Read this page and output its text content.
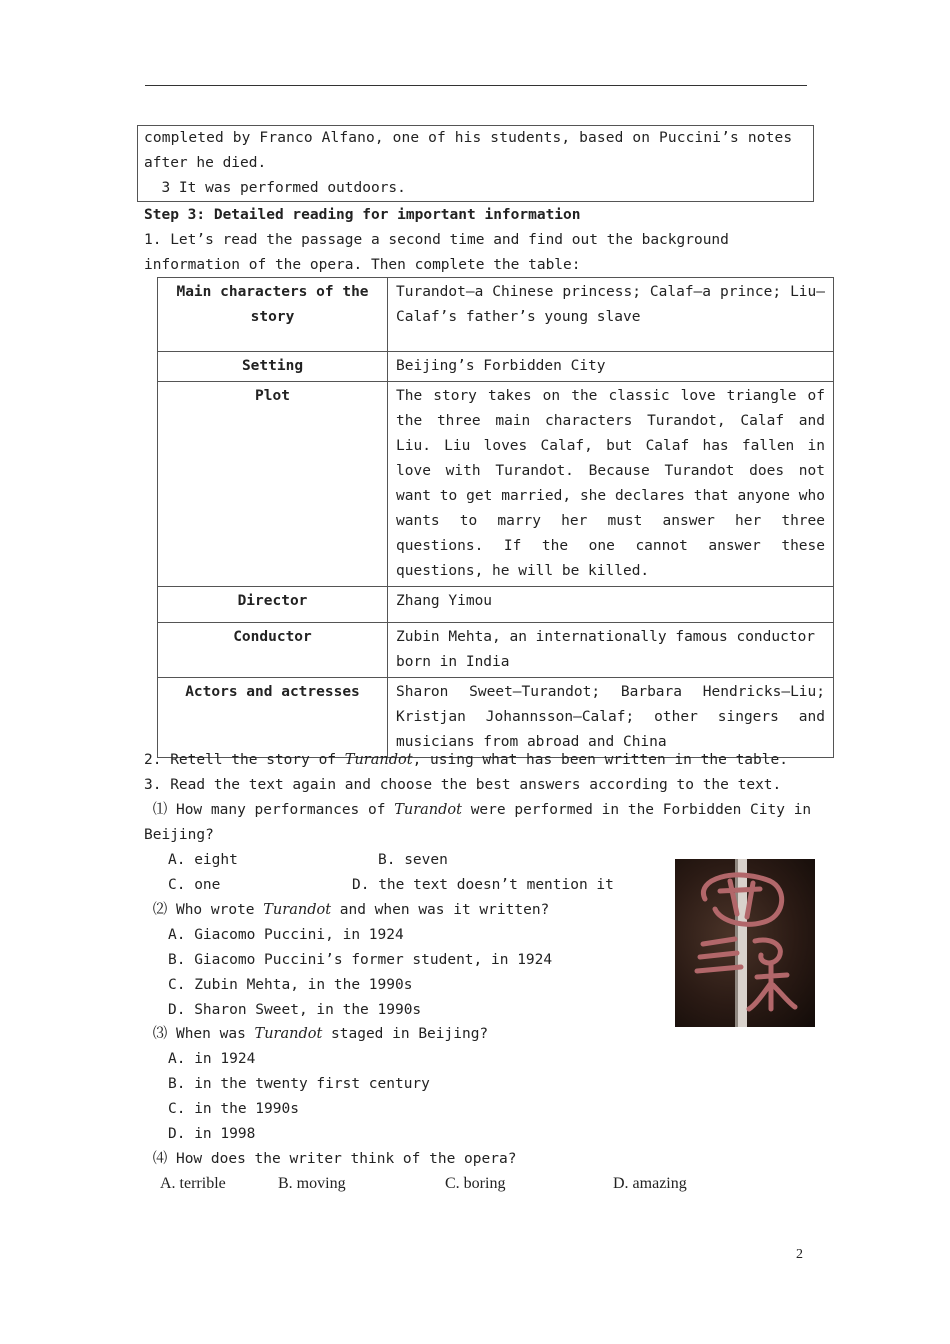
completed by Franco Alfano, one of his students, based on Puccini’s notes
after he died.
3 It was performed outdoors.
Step 3: Detailed reading for important information
1. Let’s read the passage a second time and find out the background
information of the opera. Then complete the table:
Main characters of the story	Turandot—a Chinese princess; Calaf—a prince; Liu—Calaf’s father’s young slave
Setting	Beijing’s Forbidden City
Plot	The story takes on the classic love triangle of the three main characters Turandot, Calaf and Liu. Liu loves Calaf, but Calaf has fallen in love with Turandot. Because Turandot does not want to get married, she declares that anyone who wants to marry her must answer her three questions. If the one cannot answer these questions, he will be killed.
Director	Zhang Yimou
Conductor	Zubin Mehta, an internationally famous conductor born in India
Actors and actresses	Sharon Sweet—Turandot; Barbara Hendricks—Liu; Kristjan Johannsson—Calaf; other singers and musicians from abroad and China
2. Retell the story of Turandot, using what has been written in the table.
3. Read the text again and choose the best answers according to the text.
⑴ How many performances of Turandot were performed in the Forbidden City in
Beijing?
A. eight	B. seven
C. one	D. the text doesn’t mention it
⑵ Who wrote Turandot and when was it written?
A. Giacomo Puccini, in 1924
B. Giacomo Puccini’s former student, in 1924
C. Zubin Mehta, in the 1990s
D. Sharon Sweet, in the 1990s
⑶ When was Turandot staged in Beijing?
A. in 1924
B. in the twenty first century
C. in the 1990s
D. in 1998
⑷ How does the writer think of the opera?
A. terrible	B. moving	C. boring	D. amazing
2
